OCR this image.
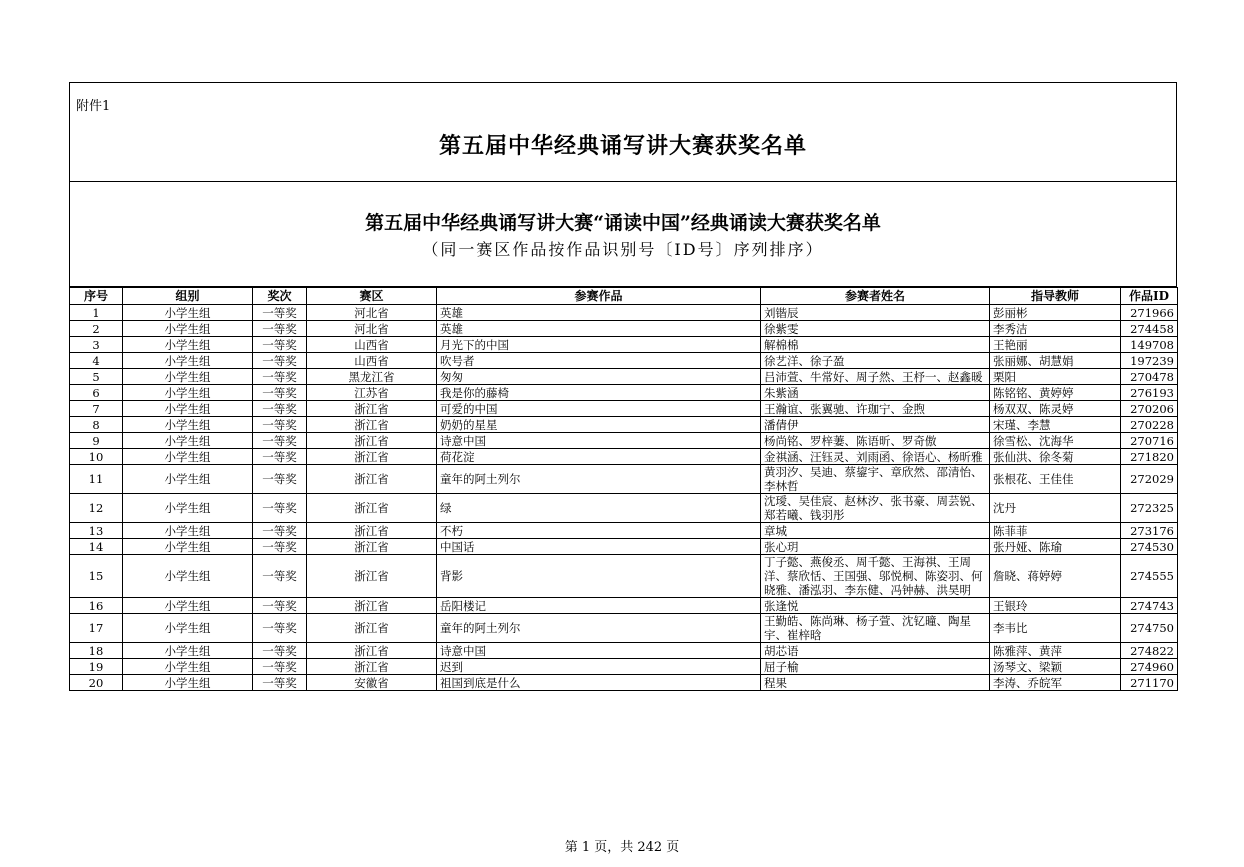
附件1
第五届中华经典诵写讲大赛获奖名单
第五届中华经典诵写讲大赛“诵读中国”经典诵读大赛获奖名单
（同一赛区作品按作品识别号〔ID号〕序列排序）
序号	组别	奖次	赛区	参赛作品	参赛者姓名	指导教师	作品ID
1	小学生组	一等奖	河北省	英雄	刘锴辰	彭丽彬	271966
2	小学生组	一等奖	河北省	英雄	徐紫雯	李秀洁	274458
3	小学生组	一等奖	山西省	月光下的中国	解棉棉	王艳丽	149708
4	小学生组	一等奖	山西省	吹号者	徐艺洋、徐子盈	张丽娜、胡慧娟	197239
5	小学生组	一等奖	黑龙江省	匆匆	吕沛萱、牛常好、周子然、王杼一、赵鑫暖	栗阳	270478
6	小学生组	一等奖	江苏省	我是你的藤椅	朱紫涵	陈铭铭、黄婷婷	276193
7	小学生组	一等奖	浙江省	可爱的中国	王瀚谊、张翼驰、许珈宁、金煦	杨双双、陈灵婷	270206
8	小学生组	一等奖	浙江省	奶奶的星星	潘倩伊	宋瑾、李慧	270228
9	小学生组	一等奖	浙江省	诗意中国	杨尚铭、罗梓萋、陈语昕、罗奇傲	徐雪松、沈海华	270716
10	小学生组	一等奖	浙江省	荷花淀	金祺涵、汪钰灵、刘雨函、徐语心、杨昕雅	张仙洪、徐冬菊	271820
11	小学生组	一等奖	浙江省	童年的阿土列尔	黄羽汐、吴迪、蔡鋆宇、章欣然、邵清怡、李林哲	张根花、王佳佳	272029
12	小学生组	一等奖	浙江省	绿	沈璦、吴佳宸、赵林汐、张书豪、周芸锐、郑若曦、钱羽彤	沈丹	272325
13	小学生组	一等奖	浙江省	不朽	章城	陈菲菲	273176
14	小学生组	一等奖	浙江省	中国话	张心玥	张丹娅、陈瑜	274530
15	小学生组	一等奖	浙江省	背影	丁子懿、燕俊丞、周千懿、王海祺、王周洋、蔡欣恬、王国强、邬悦桐、陈姿羽、何晓雅、潘泓羽、李东健、冯钟赫、洪昊明	詹晓、蒋婷婷	274555
16	小学生组	一等奖	浙江省	岳阳楼记	张逢悦	王银玲	274743
17	小学生组	一等奖	浙江省	童年的阿土列尔	王勤皓、陈尚琳、杨子萱、沈钇曈、陶星宇、崔梓晗	李韦比	274750
18	小学生组	一等奖	浙江省	诗意中国	胡芯语	陈雅萍、黄萍	274822
19	小学生组	一等奖	浙江省	迟到	屈子榆	汤琴文、梁颖	274960
20	小学生组	一等奖	安徽省	祖国到底是什么	程果	李涛、乔皖军	271170
第 1 页，共 242 页
